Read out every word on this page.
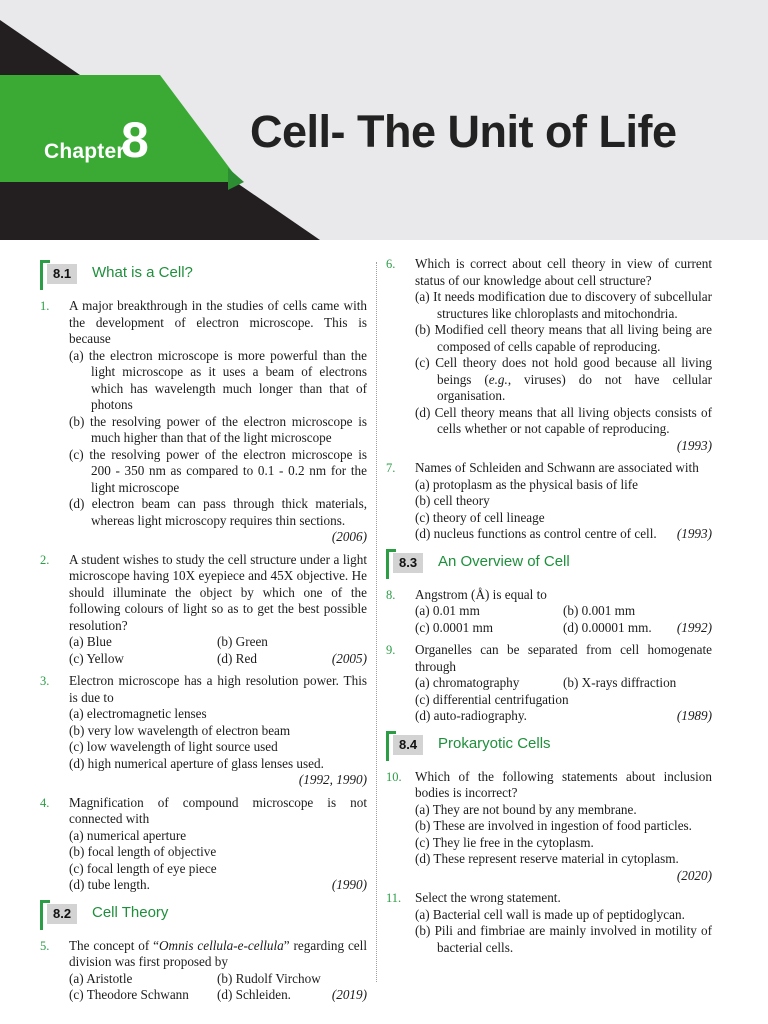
Chapter
8 Cell- The Unit of Life
8.1	What is a Cell?
1. A major breakthrough in the studies of cells came with the development of electron microscope. This is because
(a) the electron microscope is more powerful than the light microscope as it uses a beam of electrons which has wavelength much longer than that of photons
(b) the resolving power of the electron microscope is much higher than that of the light microscope
(c) the resolving power of the electron microscope is 200 - 350 nm as compared to 0.1 - 0.2 nm for the light microscope
(d) electron beam can pass through thick materials, whereas light microscopy requires thin sections.
(2006)
2. A student wishes to study the cell structure under a light microscope having 10X eyepiece and 45X objective. He should illuminate the object by which one of the following colours of light so as to get the best possible resolution?
(a) Blue	(b) Green
(c) Yellow	(d) Red	(2005)
3. Electron microscope has a high resolution power. This is due to
(a) electromagnetic lenses
(b) very low wavelength of electron beam
(c) low wavelength of light source used
(d) high numerical aperture of glass lenses used.
(1992, 1990)
4. Magnification of compound microscope is not connected with
(a) numerical aperture
(b) focal length of objective
(c) focal length of eye piece
(d) tube length.	(1990)
8.2	Cell Theory
5. The concept of “Omnis cellula-e-cellula” regarding cell division was first proposed by
(a) Aristotle	(b) Rudolf Virchow
(c) Theodore Schwann	(d) Schleiden.	(2019)
6. Which is correct about cell theory in view of current status of our knowledge about cell structure?
(a) It needs modification due to discovery of subcellular structures like chloroplasts and mitochondria.
(b) Modified cell theory means that all living being are composed of cells capable of reproducing.
(c) Cell theory does not hold good because all living beings (e.g., viruses) do not have cellular organisation.
(d) Cell theory means that all living objects consists of cells whether or not capable of reproducing.
(1993)
7. Names of Schleiden and Schwann are associated with
(a) protoplasm as the physical basis of life
(b) cell theory
(c) theory of cell lineage
(d) nucleus functions as control centre of cell. (1993)
8.3	An Overview of Cell
8. Angstrom (Å) is equal to
(a) 0.01 mm	(b) 0.001 mm
(c) 0.0001 mm	(d) 0.00001 mm.	(1992)
9. Organelles can be separated from cell homogenate through
(a) chromatography	(b) X-rays diffraction
(c) differential centrifugation
(d) auto-radiography.	(1989)
8.4	Prokaryotic Cells
10. Which of the following statements about inclusion bodies is incorrect?
(a) They are not bound by any membrane.
(b) These are involved in ingestion of food particles.
(c) They lie free in the cytoplasm.
(d) These represent reserve material in cytoplasm.
(2020)
11. Select the wrong statement.
(a) Bacterial cell wall is made up of peptidoglycan.
(b) Pili and fimbriae are mainly involved in motility of bacterial cells.
